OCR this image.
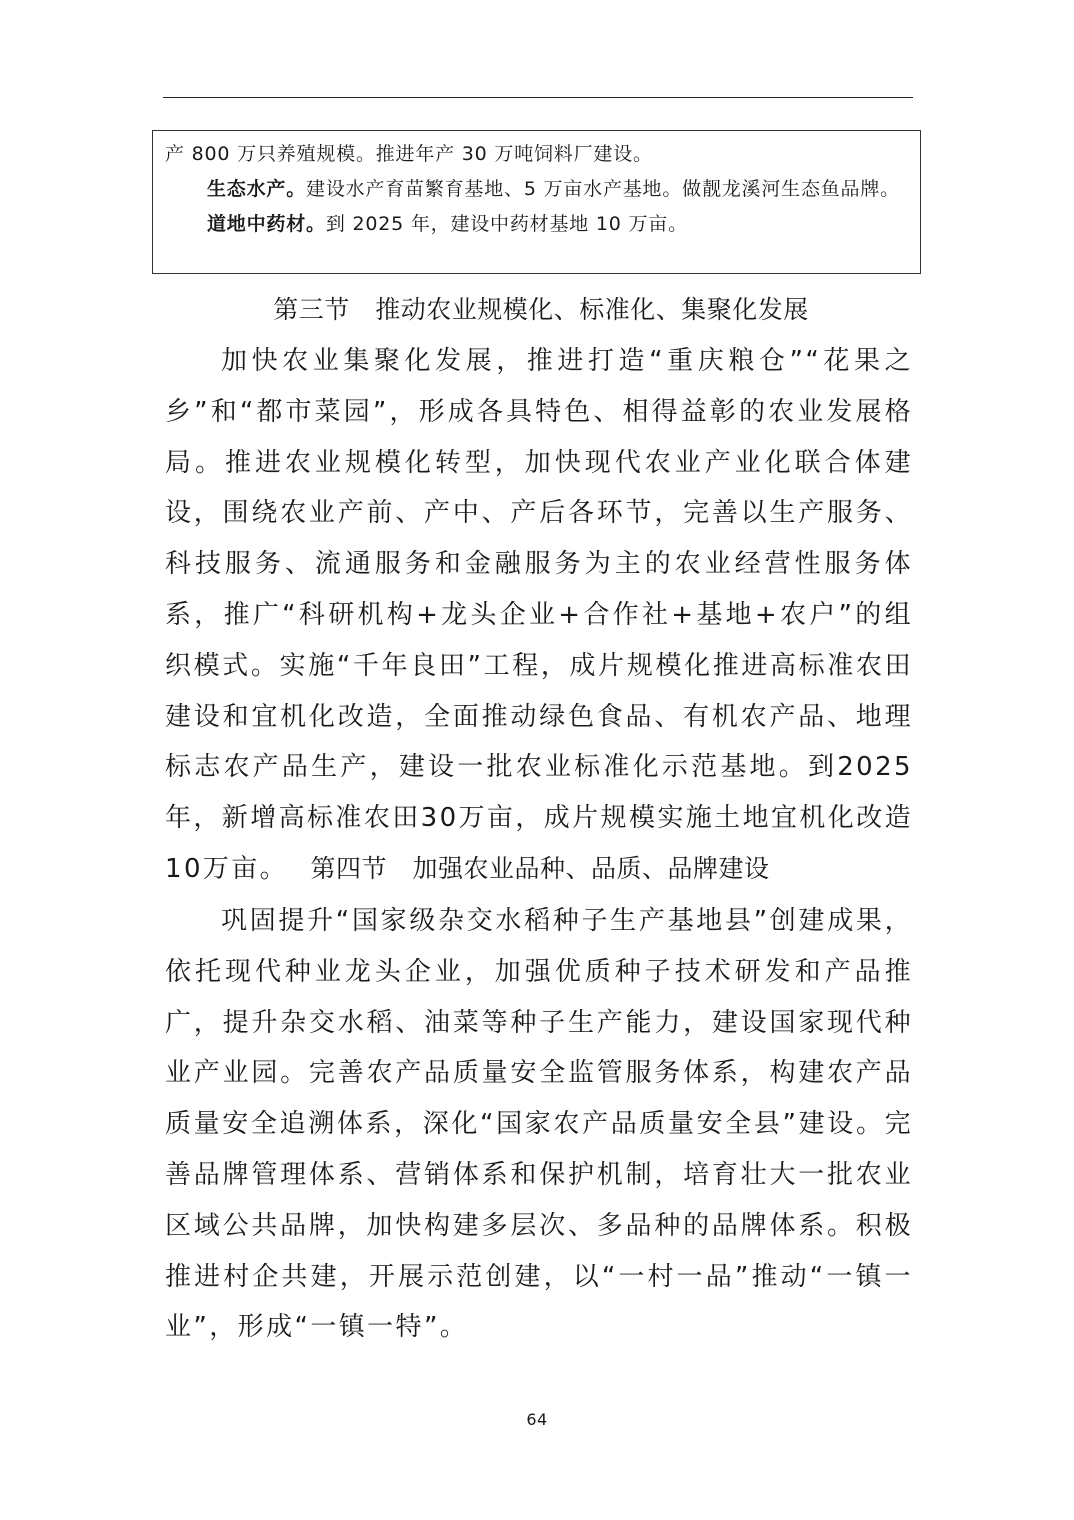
产 800 万只养殖规模。推进年产 30 万吨饲料厂建设。

生态水产。建设水产育苗繁育基地、5 万亩水产基地。做靓龙溪河生态鱼品牌。

道地中药材。到 2025 年，建设中药材基地 10 万亩。

第三节　推动农业规模化、标准化、集聚化发展

加快农业集聚化发展，推进打造“重庆粮仓”“花果之乡”和“都市菜园”，形成各具特色、相得益彰的农业发展格局。推进农业规模化转型，加快现代农业产业化联合体建设，围绕农业产前、产中、产后各环节，完善以生产服务、科技服务、流通服务和金融服务为主的农业经营性服务体系，推广“科研机构+龙头企业+合作社+基地+农户”的组织模式。实施“千年良田”工程，成片规模化推进高标准农田建设和宜机化改造，全面推动绿色食品、有机农产品、地理标志农产品生产，建设一批农业标准化示范基地。到2025年，新增高标准农田30万亩，成片规模实施土地宜机化改造10万亩。 第四节　加强农业品种、品质、品牌建设

巩固提升“国家级杂交水稻种子生产基地县”创建成果，依托现代种业龙头企业，加强优质种子技术研发和产品推广，提升杂交水稻、油菜等种子生产能力，建设国家现代种业产业园。完善农产品质量安全监管服务体系，构建农产品质量安全追溯体系，深化“国家农产品质量安全县”建设。完善品牌管理体系、营销体系和保护机制，培育壮大一批农业区域公共品牌，加快构建多层次、多品种的品牌体系。积极推进村企共建，开展示范创建，以“一村一品”推动“一镇一业”，形成“一镇一特”。

64
